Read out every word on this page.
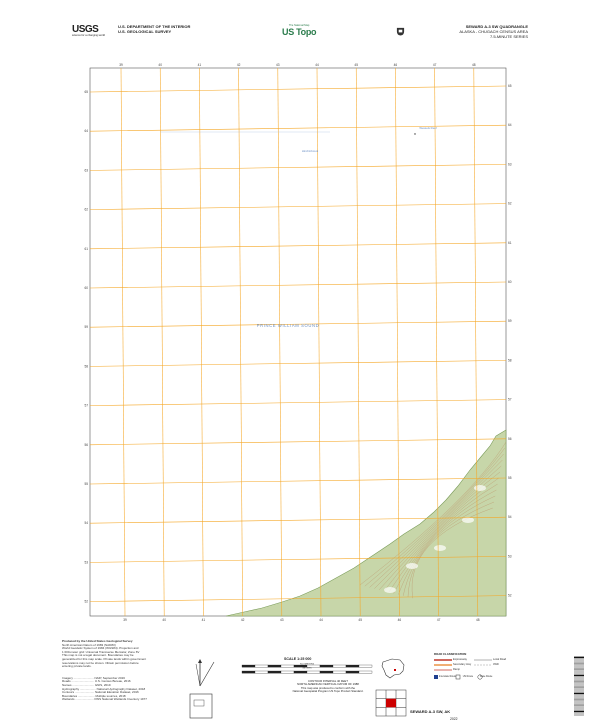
USGS
science for a changing world
U.S. DEPARTMENT OF THE INTERIOR
U.S. GEOLOGICAL SURVEY
The National Map
US Topo
SEWARD A-3 SW QUADRANGLE
ALASKA - CHUGACH CENSUS AREA
7.5-MINUTE SERIES
39
39
40
40
41
41
42
42
43
43
44
44
45
45
46
46
47
47
48
48
65
65
64
64
63
63
62
62
61
61
60
60
59
59
58
58
57
57
56
56
55
55
54
54
53
53
52
52
PRINCE WILLIAM SOUND
Hinchinbrook
Wessels Reef
Produced by the United States Geological Survey
North American Datum of 1983 (NAD83)
World Geodetic System of 1984 (WGS84). Projection and
1 000-meter grid: Universal Transverse Mercator, Zone 6V
This map is not a legal document. Boundaries may be
generalized for this map scale. Private lands within government
reservations may not be shown. Obtain permission before
entering private lands.
Imagery ........................ NAIP, September 2016
Roads ........................... U.S. Census Bureau, 2016
Names .......................... GNIS, 2019
Hydrography ................... National Hydrography Dataset, 2018
Contours ....................... National Elevation Dataset, 2016
Boundaries .................... Multiple sources, 2018
Wetlands ...................... FWS National Wetlands Inventory 1977
SCALE 1:25 000
KILOMETERS
METERS
CONTOUR INTERVAL 40 FEET
NORTH AMERICAN VERTICAL DATUM OF 1988
This map was produced to conform with the
National Geospatial Program US Topo Product Standard.
ROAD CLASSIFICATION
Expressway
Secondary Hwy
Ramp
Local Road
4WD
Interstate Route	US Route	State Route
SEWARD A-3 SW, AK
2022
